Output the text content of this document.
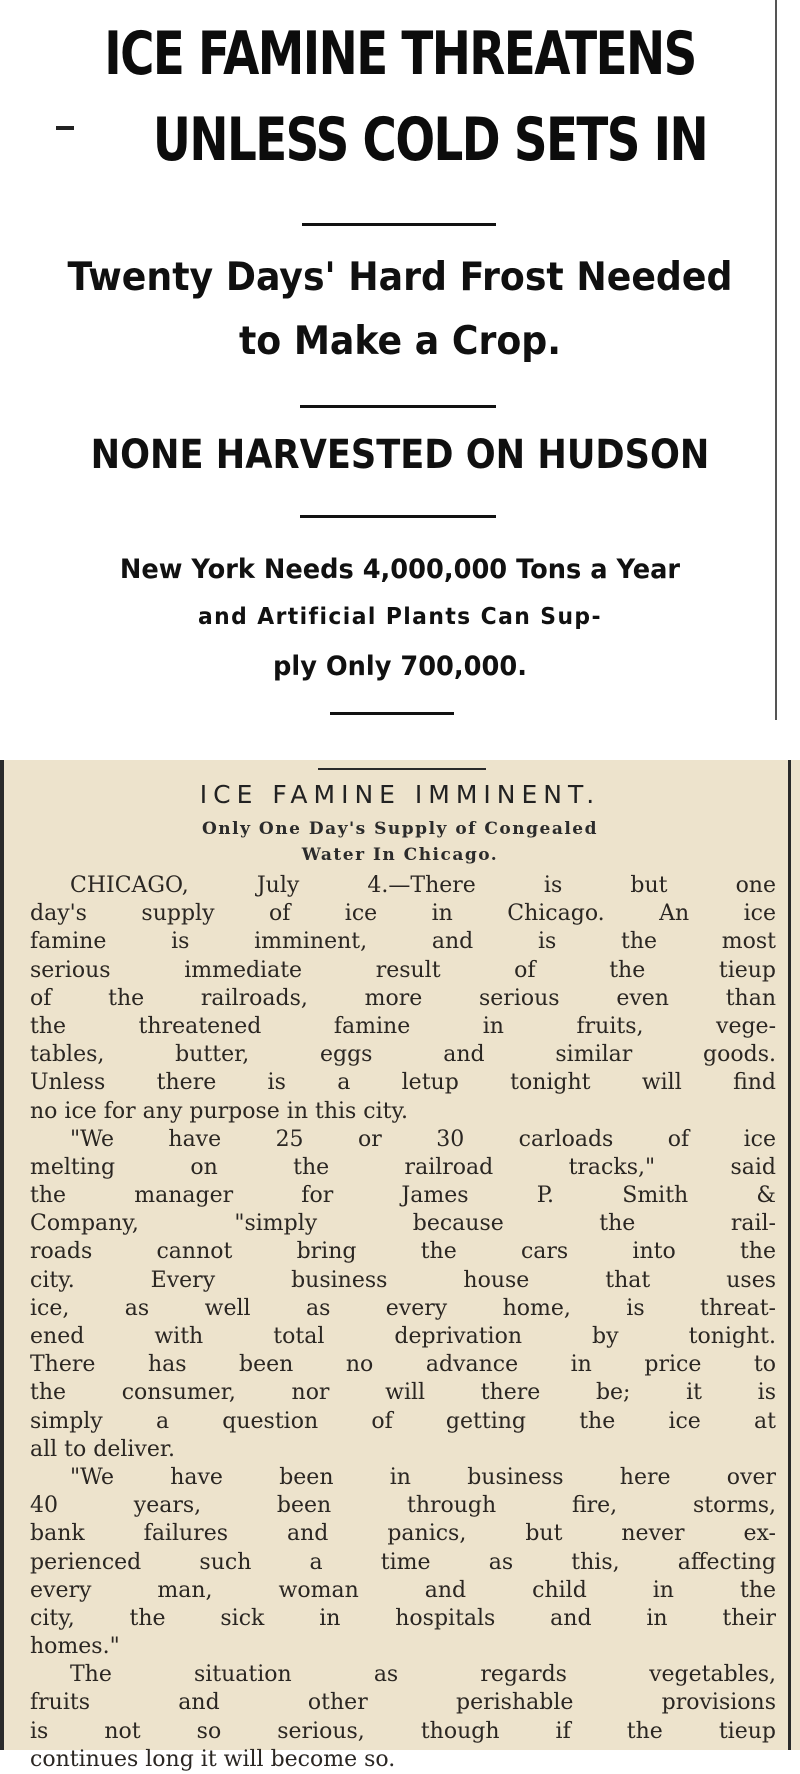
ICE FAMINE THREATENS
UNLESS COLD SETS IN
Twenty Days' Hard Frost Needed
to Make a Crop.
NONE HARVESTED ON HUDSON
New York Needs 4,000,000 Tons a Year
and Artificial Plants Can Sup-
ply Only 700,000.
ICE FAMINE IMMINENT.
Only One Day's Supply of Congealed
Water In Chicago.
CHICAGO, July 4.—There is but one
day's supply of ice in Chicago. An ice
famine is imminent, and is the most
serious immediate result of the tieup
of the railroads, more serious even than
the threatened famine in fruits, vege-
tables, butter, eggs and similar goods.
Unless there is a letup tonight will find
no ice for any purpose in this city.
"We have 25 or 30 carloads of ice
melting on the railroad tracks," said
the manager for James P. Smith &
Company, "simply because the rail-
roads cannot bring the cars into the
city. Every business house that uses
ice, as well as every home, is threat-
ened with total deprivation by tonight.
There has been no advance in price to
the consumer, nor will there be; it is
simply a question of getting the ice at
all to deliver.
"We have been in business here over
40 years, been through fire, storms,
bank failures and panics, but never ex-
perienced such a time as this, affecting
every man, woman and child in the
city, the sick in hospitals and in their
homes."
The situation as regards vegetables,
fruits and other perishable provisions
is not so serious, though if the tieup
continues long it will become so.
